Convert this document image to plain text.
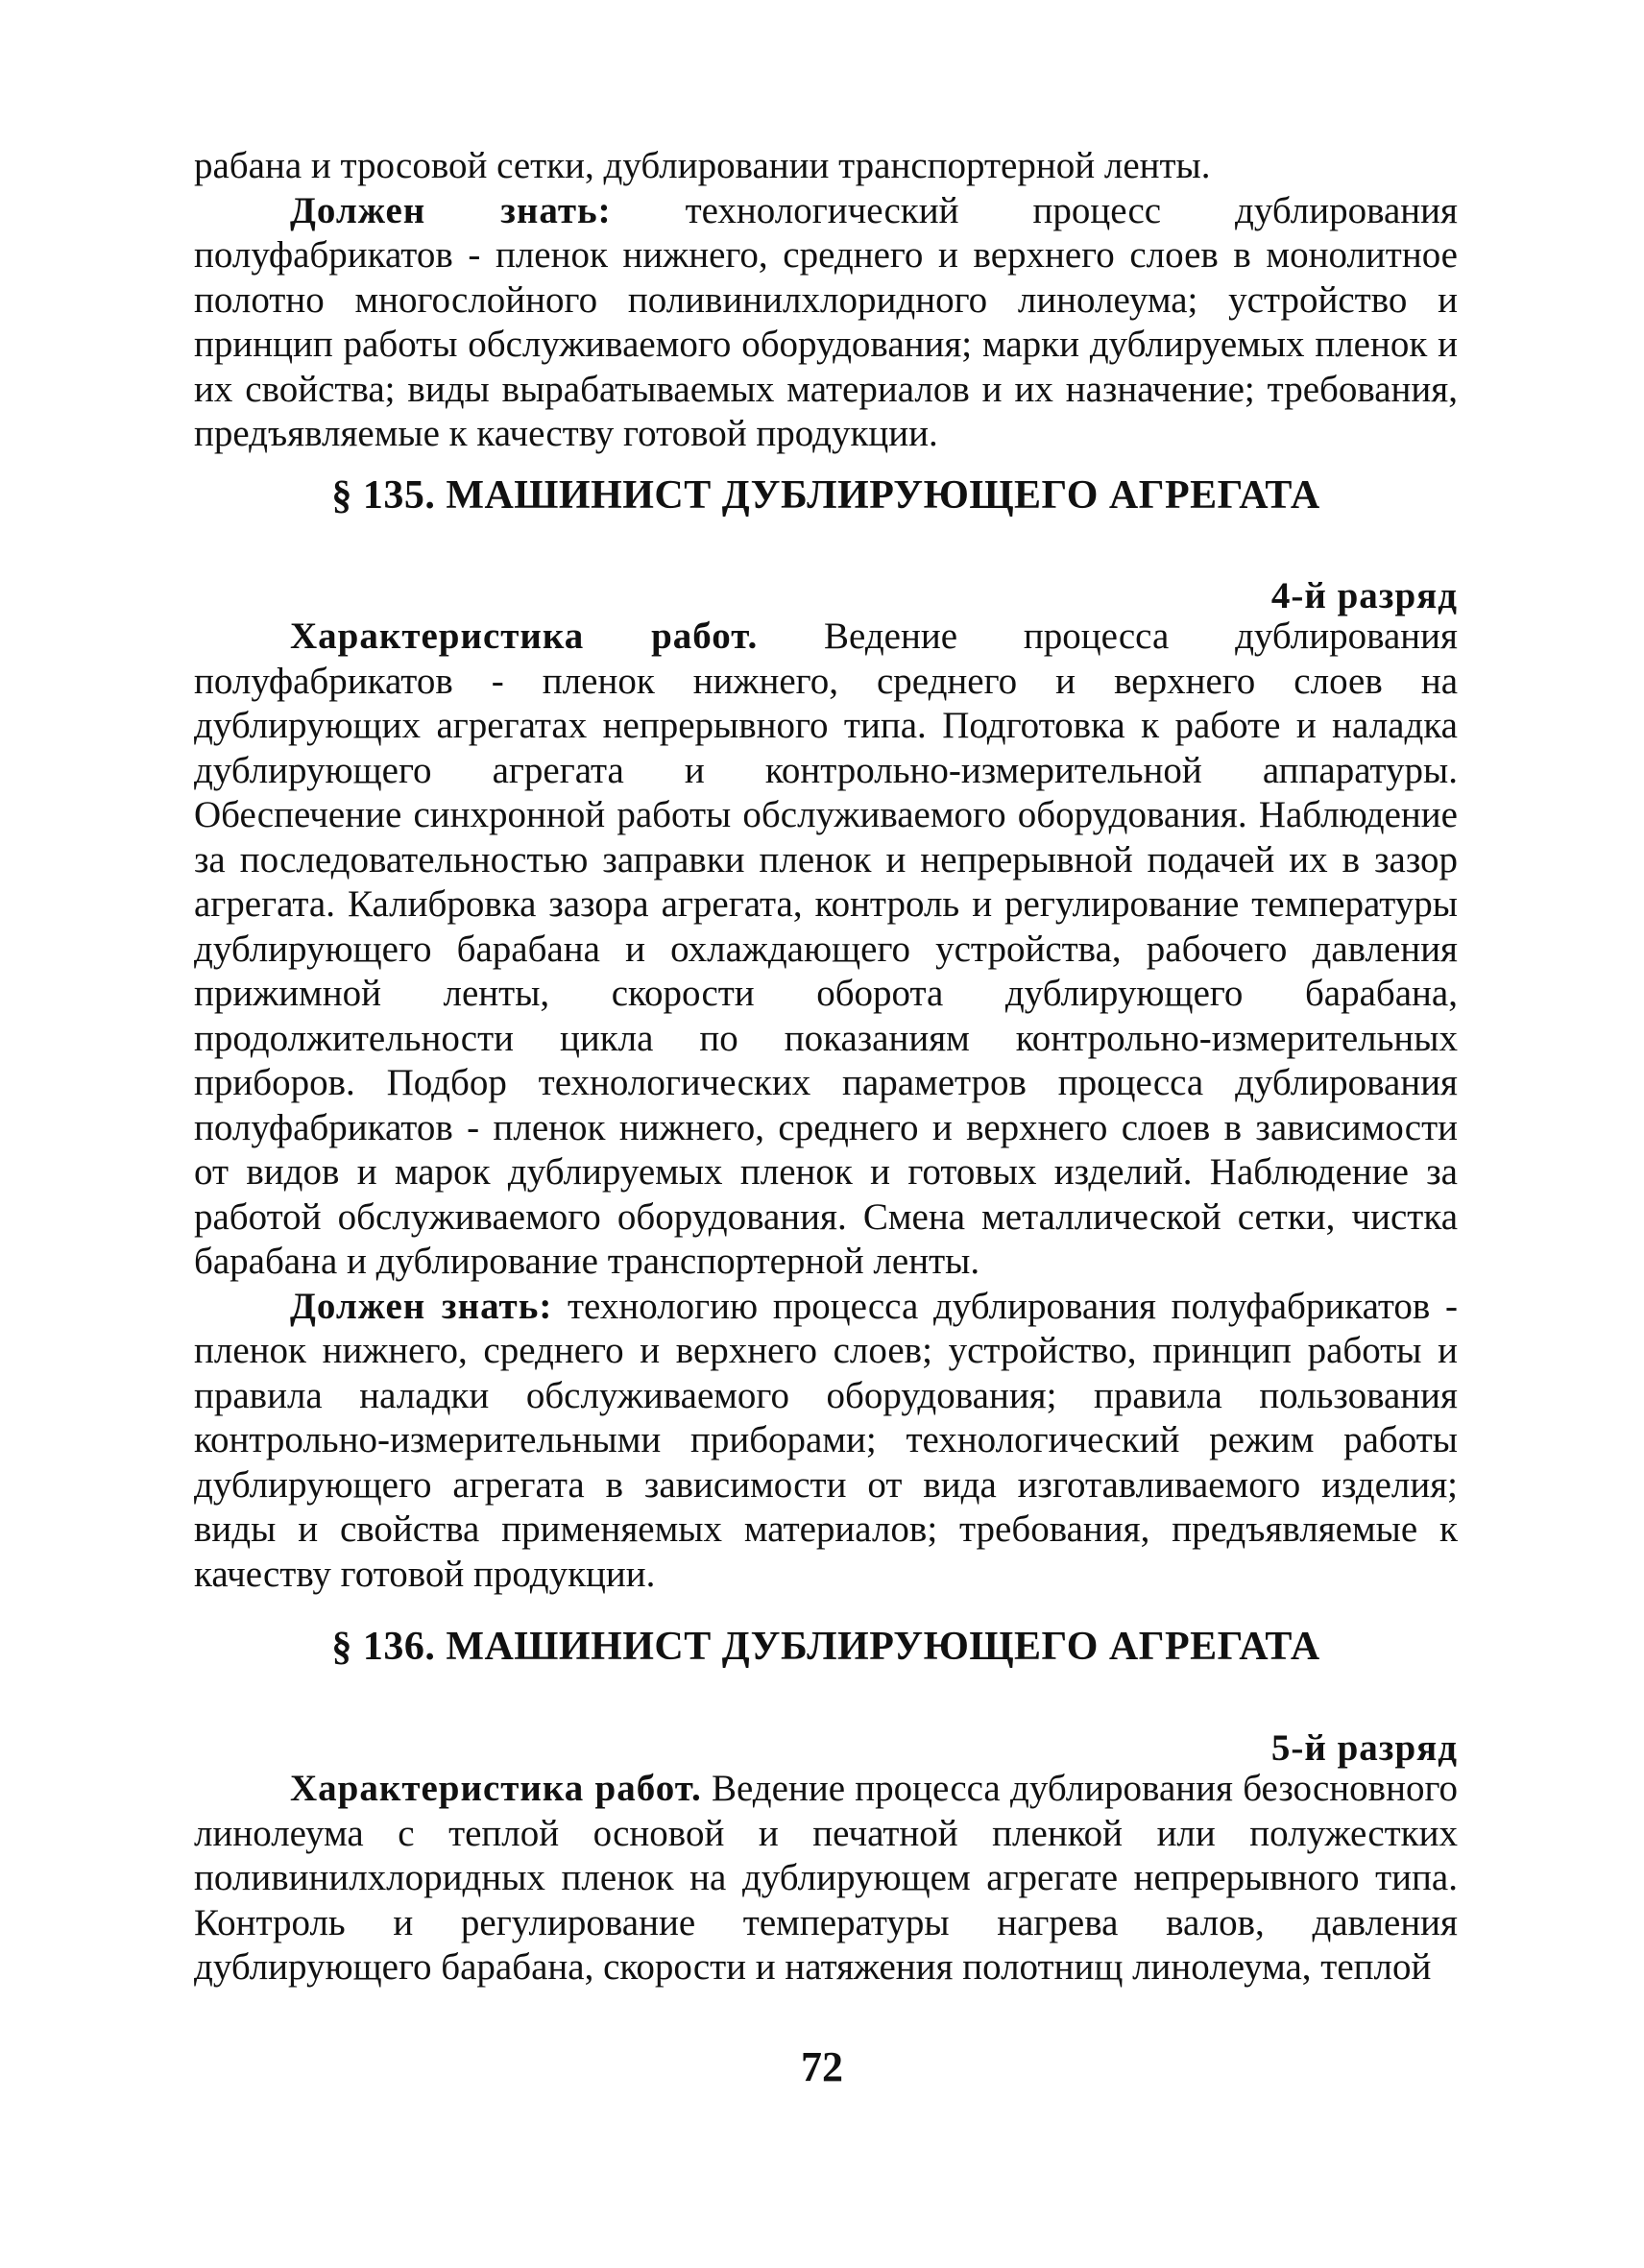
рабана и тросовой сетки, дублировании транспортерной ленты.

Должен знать: технологический процесс дублирования полуфабрикатов - пленок нижнего, среднего и верхнего слоев в монолитное полотно многослойного поливинилхлоридного линолеума; устройство и принцип работы обслуживаемого оборудования; марки дублируемых пленок и их свойства; виды вырабатываемых материалов и их назначение; требования, предъявляемые к качеству готовой продукции.

§ 135. МАШИНИСТ ДУБЛИРУЮЩЕГО АГРЕГАТА
4-й разряд

Характеристика работ. Ведение процесса дублирования полуфабрикатов - пленок нижнего, среднего и верхнего слоев на дублирующих агрегатах непрерывного типа. Подготовка к работе и наладка дублирующего агрегата и контрольно-измерительной аппаратуры. Обеспечение синхронной работы обслуживаемого оборудования. Наблюдение за последовательностью заправки пленок и непрерывной подачей их в зазор агрегата. Калибровка зазора агрегата, контроль и регулирование температуры дублирующего барабана и охлаждающего устройства, рабочего давления прижимной ленты, скорости оборота дублирующего барабана, продолжительности цикла по показаниям контрольно-измерительных приборов. Подбор технологических параметров процесса дублирования полуфабрикатов - пленок нижнего, среднего и верхнего слоев в зависимости от видов и марок дублируемых пленок и готовых изделий. Наблюдение за работой обслуживаемого оборудования. Смена металлической сетки, чистка барабана и дублирование транспортерной ленты.

Должен знать: технологию процесса дублирования полуфабрикатов - пленок нижнего, среднего и верхнего слоев; устройство, принцип работы и правила наладки обслуживаемого оборудования; правила пользования контрольно-измерительными приборами; технологический режим работы дублирующего агрегата в зависимости от вида изготавливаемого изделия; виды и свойства применяемых материалов; требования, предъявляемые к качеству готовой продукции.

§ 136. МАШИНИСТ ДУБЛИРУЮЩЕГО АГРЕГАТА
5-й разряд

Характеристика работ. Ведение процесса дублирования безосновного линолеума с теплой основой и печатной пленкой или полужестких поливинилхлоридных пленок на дублирующем агрегате непрерывного типа. Контроль и регулирование температуры нагрева валов, давления дублирующего барабана, скорости и натяжения полотнищ линолеума, теплой

72
